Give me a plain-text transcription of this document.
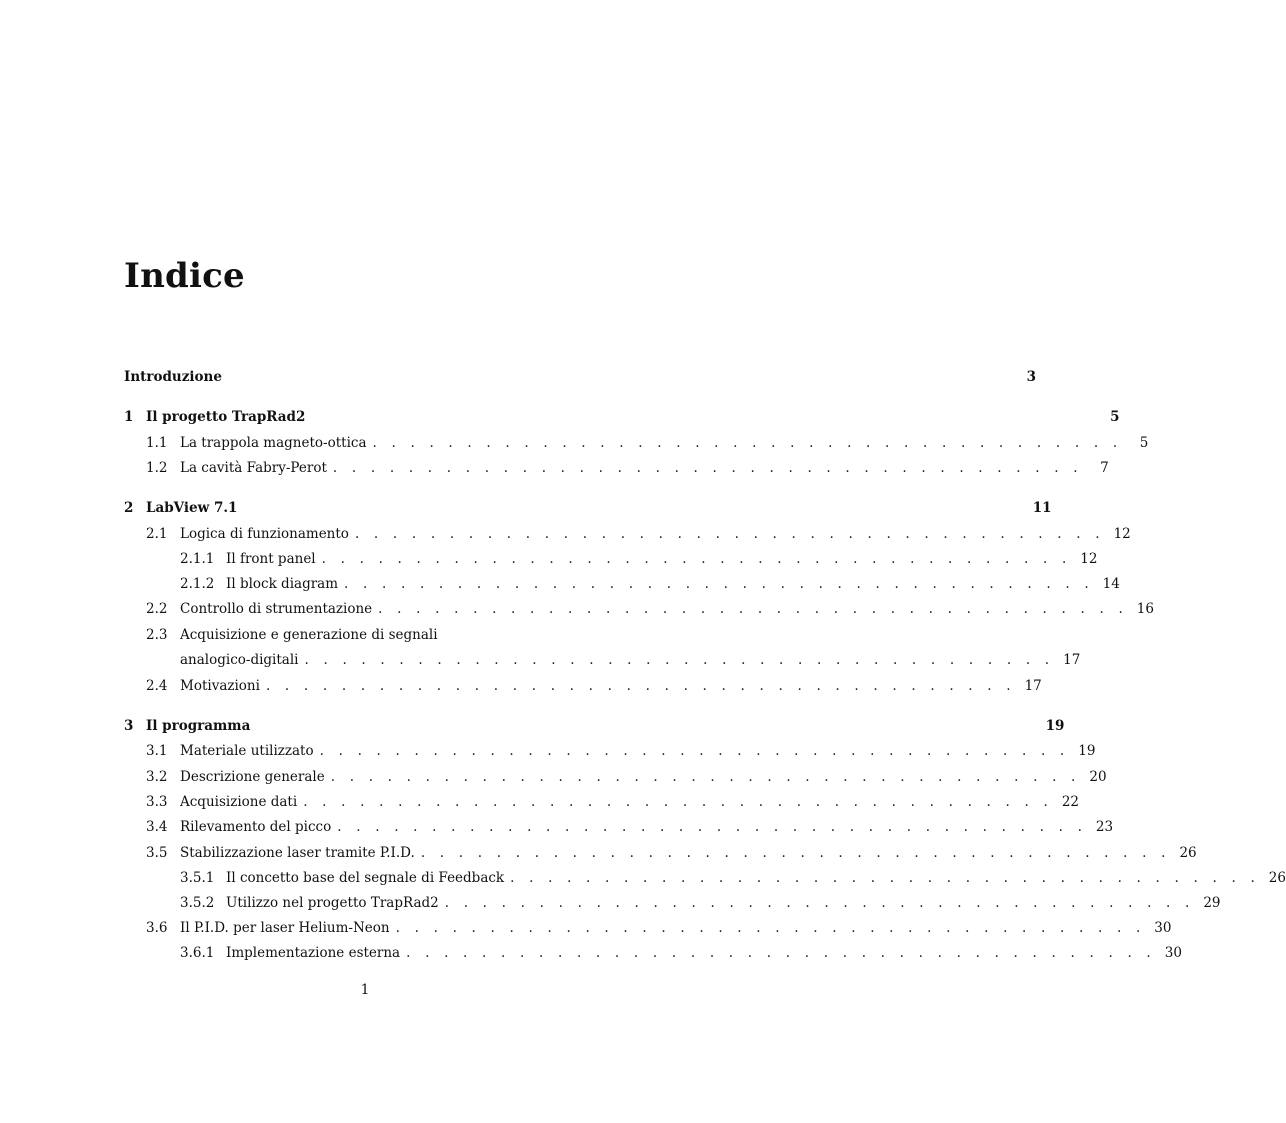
Indice
Introduzione	3
1 Il progetto TrapRad2	5
1.1 La trappola magneto-ottica . . . . . . . . . . . . . . . . . . . . . . . . . . . . . . . . . . . . . . . .	5
1.2 La cavità Fabry-Perot . . . . . . . . . . . . . . . . . . . . . . . . . . . . . . . . . . . . . . . .	7
2 LabView 7.1	11
2.1 Logica di funzionamento . . . . . . . . . . . . . . . . . . . . . . . . . . . . . . . . . . . . . . . . 12
2.1.1 Il front panel . . . . . . . . . . . . . . . . . . . . . . . . . . . . . . . . . . . . . . . . 12
2.1.2 Il block diagram . . . . . . . . . . . . . . . . . . . . . . . . . . . . . . . . . . . . . . . . 14
2.2 Controllo di strumentazione . . . . . . . . . . . . . . . . . . . . . . . . . . . . . . . . . . . . . . . . 16
2.3 Acquisizione e generazione di segnali
analogico-digitali . . . . . . . . . . . . . . . . . . . . . . . . . . . . . . . . . . . . . . . . 17
2.4 Motivazioni . . . . . . . . . . . . . . . . . . . . . . . . . . . . . . . . . . . . . . . . 17
3 Il programma	19
3.1 Materiale utilizzato . . . . . . . . . . . . . . . . . . . . . . . . . . . . . . . . . . . . . . . . 19
3.2 Descrizione generale . . . . . . . . . . . . . . . . . . . . . . . . . . . . . . . . . . . . . . . . 20
3.3 Acquisizione dati . . . . . . . . . . . . . . . . . . . . . . . . . . . . . . . . . . . . . . . . 22
3.4 Rilevamento del picco . . . . . . . . . . . . . . . . . . . . . . . . . . . . . . . . . . . . . . . . 23
3.5 Stabilizzazione laser tramite P.I.D. . . . . . . . . . . . . . . . . . . . . . . . . . . . . . . . . . . . . . . . . 26
3.5.1 Il concetto base del segnale di Feedback . . . . . . . . . . . . . . . . . . . . . . . . . . . . . . . . . . . . . . . . 26
3.5.2 Utilizzo nel progetto TrapRad2 . . . . . . . . . . . . . . . . . . . . . . . . . . . . . . . . . . . . . . . . 29
3.6 Il P.I.D. per laser Helium-Neon . . . . . . . . . . . . . . . . . . . . . . . . . . . . . . . . . . . . . . . . 30
3.6.1 Implementazione esterna . . . . . . . . . . . . . . . . . . . . . . . . . . . . . . . . . . . . . . . . 30
1
